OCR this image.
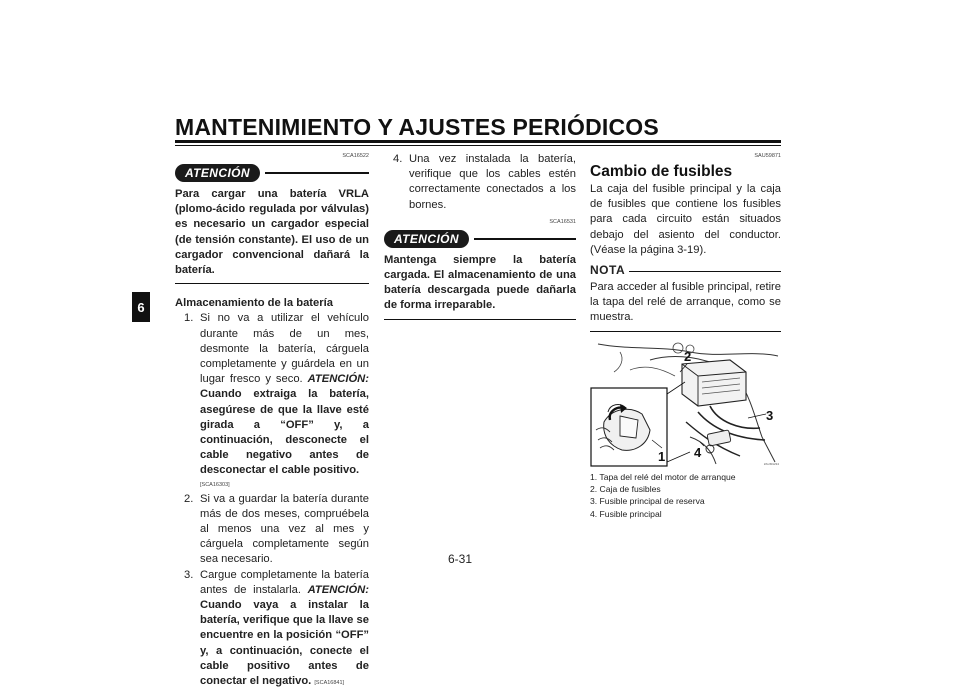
MANTENIMIENTO Y AJUSTES PERIÓDICOS
6
SCA16522
ATENCIÓN
Para cargar una batería VRLA (plomo-ácido regulada por válvulas) es necesario un cargador especial (de tensión constante). El uso de un cargador convencional dañará la batería.
Almacenamiento de la batería
1. Si no va a utilizar el vehículo durante más de un mes, desmonte la batería, cárguela completamente y guárdela en un lugar fresco y seco. ATENCIÓN: Cuando extraiga la batería, asegúrese de que la llave esté girada a “OFF” y, a continuación, desconecte el cable negativo antes de desconectar el cable positivo.
[SCA16303]
2. Si va a guardar la batería durante más de dos meses, compruébela al menos una vez al mes y cárguela completamente según sea necesario.
3. Cargue completamente la batería antes de instalarla. ATENCIÓN: Cuando vaya a instalar la batería, verifique que la llave se encuentre en la posición “OFF” y, a continuación, conecte el cable positivo antes de conectar el negativo. [SCA16841]
4. Una vez instalada la batería, verifique que los cables estén correctamente conectados a los bornes.
SCA16531
ATENCIÓN
Mantenga siempre la batería cargada. El almacenamiento de una batería descargada puede dañarla de forma irreparable.
SAU59871
Cambio de fusibles
La caja del fusible principal y la caja de fusibles que contiene los fusibles para cada circuito están situados debajo del asiento del conductor. (Véase la página 3-19).
NOTA
Para acceder al fusible principal, retire la tapa del relé de arranque, como se muestra.
2
3
1 4
ZAUM1234
1. Tapa del relé del motor de arranque
2. Caja de fusibles
3. Fusible principal de reserva
4. Fusible principal
6-31
